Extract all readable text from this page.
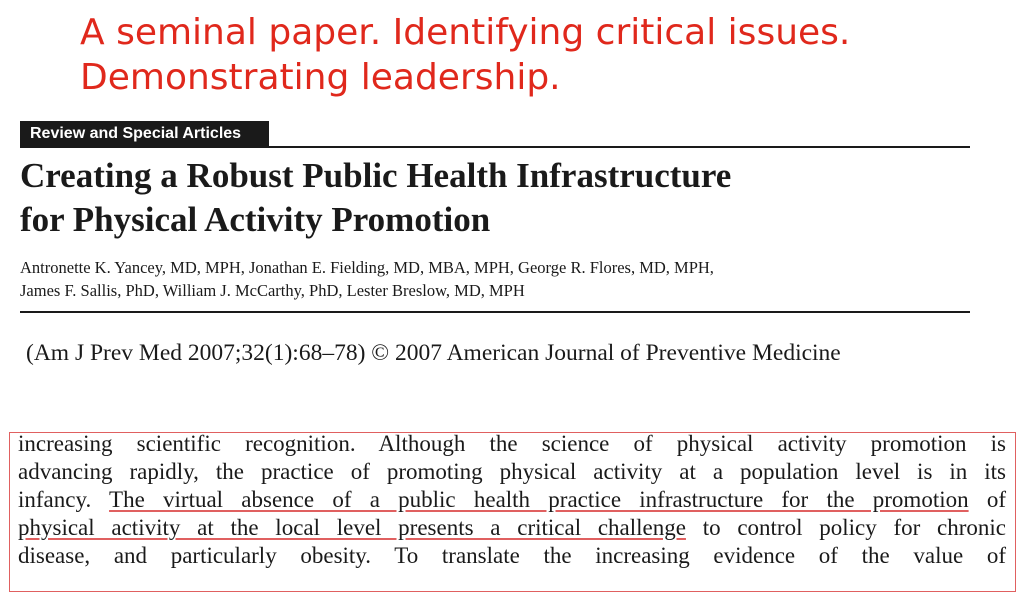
A seminal paper. Identifying critical issues.
Demonstrating leadership.
Review and Special Articles
Creating a Robust Public Health Infrastructure
for Physical Activity Promotion
Antronette K. Yancey, MD, MPH, Jonathan E. Fielding, MD, MBA, MPH, George R. Flores, MD, MPH,
James F. Sallis, PhD, William J. McCarthy, PhD, Lester Breslow, MD, MPH
(Am J Prev Med 2007;32(1):68–78) © 2007 American Journal of Preventive Medicine
increasing scientific recognition. Although the science of physical activity promotion is
advancing rapidly, the practice of promoting physical activity at a population level is in its
infancy. The virtual absence of a public health practice infrastructure for the promotion of
physical activity at the local level presents a critical challenge to control policy for chronic
disease, and particularly obesity. To translate the increasing evidence of the value of
